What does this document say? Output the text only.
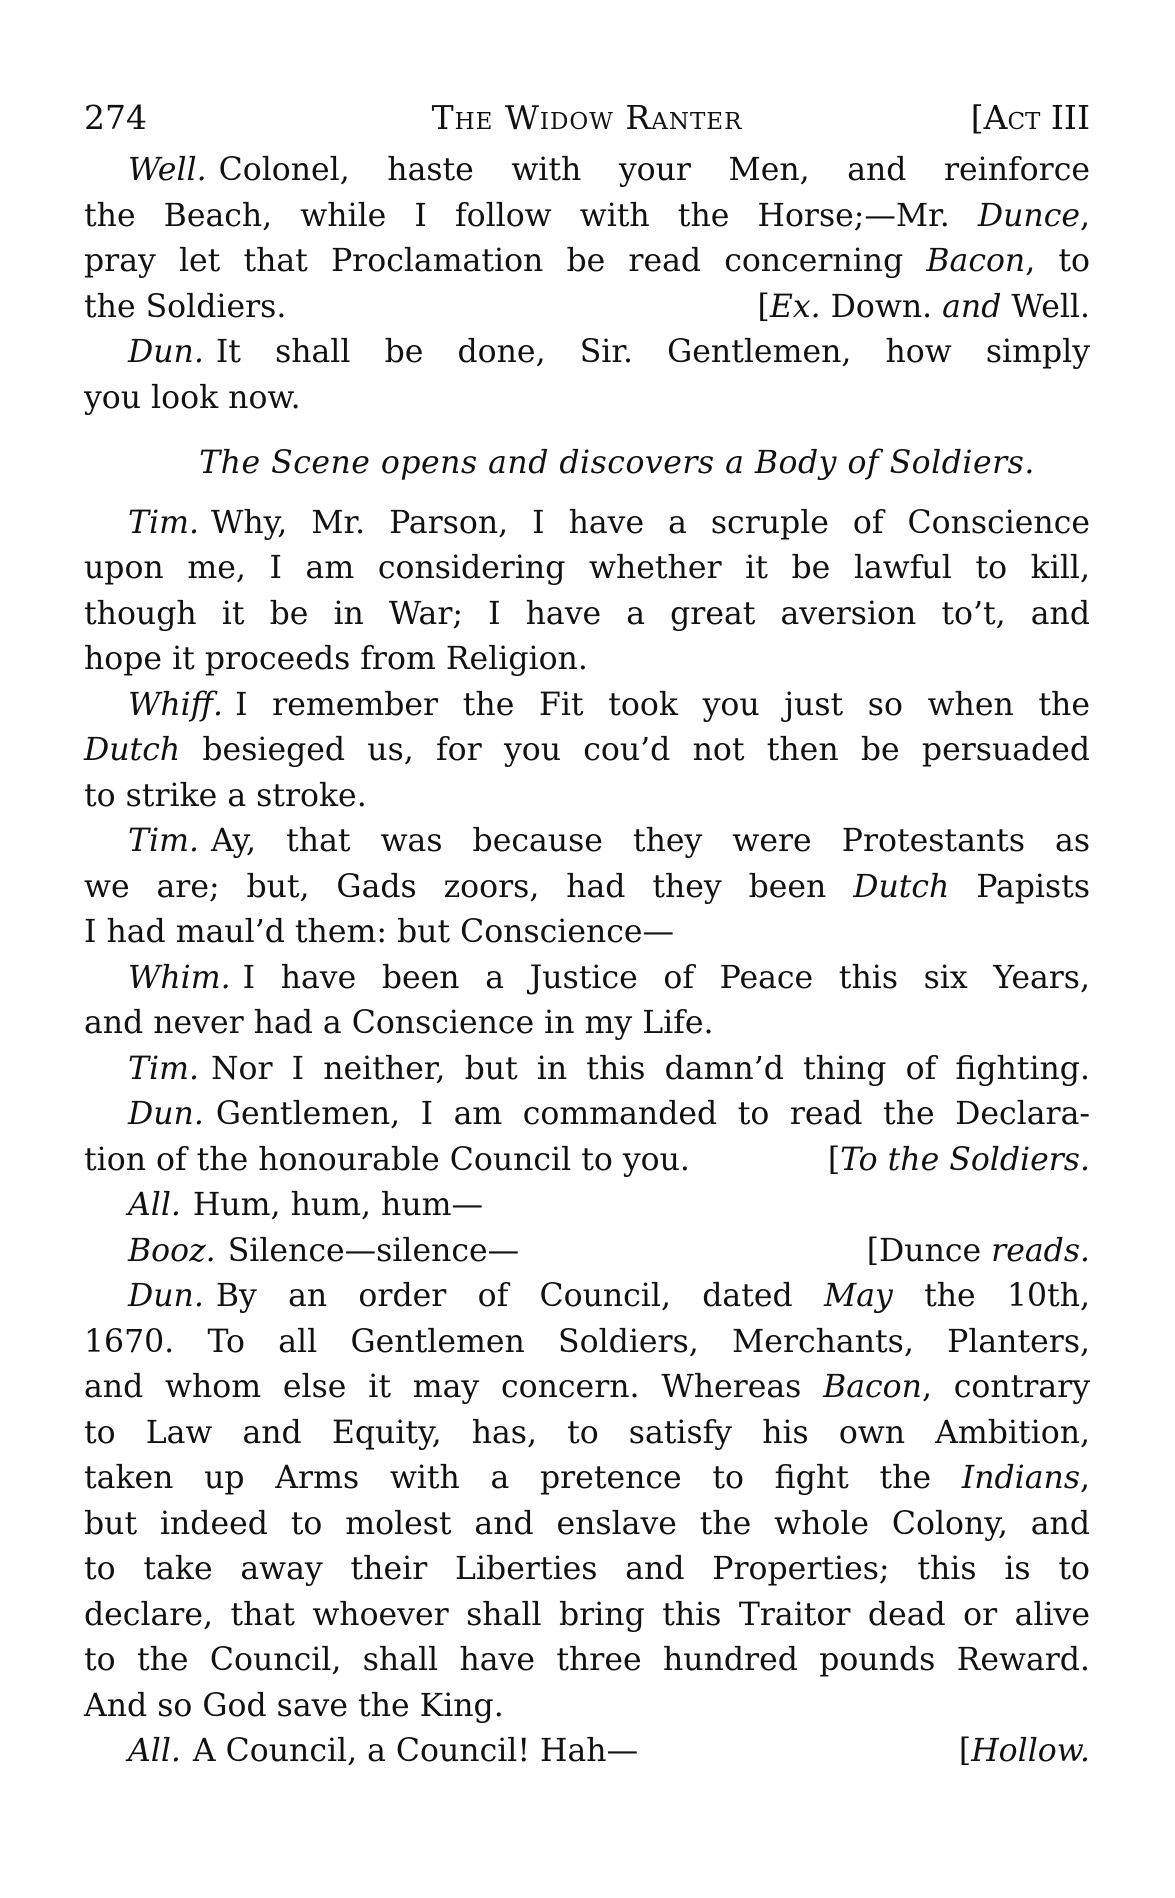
274	The Widow Ranter	[Act III
Well. Colonel, haste with your Men, and reinforce
the Beach, while I follow with the Horse;—Mr. Dunce,
pray let that Proclamation be read concerning Bacon, to
the Soldiers.	[Ex. Down. and Well.
Dun. It shall be done, Sir. Gentlemen, how simply
you look now.
The Scene opens and discovers a Body of Soldiers.
Tim. Why, Mr. Parson, I have a scruple of Conscience
upon me, I am considering whether it be lawful to kill,
though it be in War; I have a great aversion to’t, and
hope it proceeds from Religion.
Whiff. I remember the Fit took you just so when the
Dutch besieged us, for you cou’d not then be persuaded
to strike a stroke.
Tim. Ay, that was because they were Protestants as
we are; but, Gads zoors, had they been Dutch Papists
I had maul’d them: but Conscience—
Whim. I have been a Justice of Peace this six Years,
and never had a Conscience in my Life.
Tim. Nor I neither, but in this damn’d thing of fighting.
Dun. Gentlemen, I am commanded to read the Declara-
tion of the honourable Council to you.	[To the Soldiers.
All. Hum, hum, hum—
Booz. Silence—silence—	[Dunce reads.
Dun. By an order of Council, dated May the 10th,
1670. To all Gentlemen Soldiers, Merchants, Planters,
and whom else it may concern. Whereas Bacon, contrary
to Law and Equity, has, to satisfy his own Ambition,
taken up Arms with a pretence to fight the Indians,
but indeed to molest and enslave the whole Colony, and
to take away their Liberties and Properties; this is to
declare, that whoever shall bring this Traitor dead or alive
to the Council, shall have three hundred pounds Reward.
And so God save the King.
All. A Council, a Council! Hah—	[Hollow.
